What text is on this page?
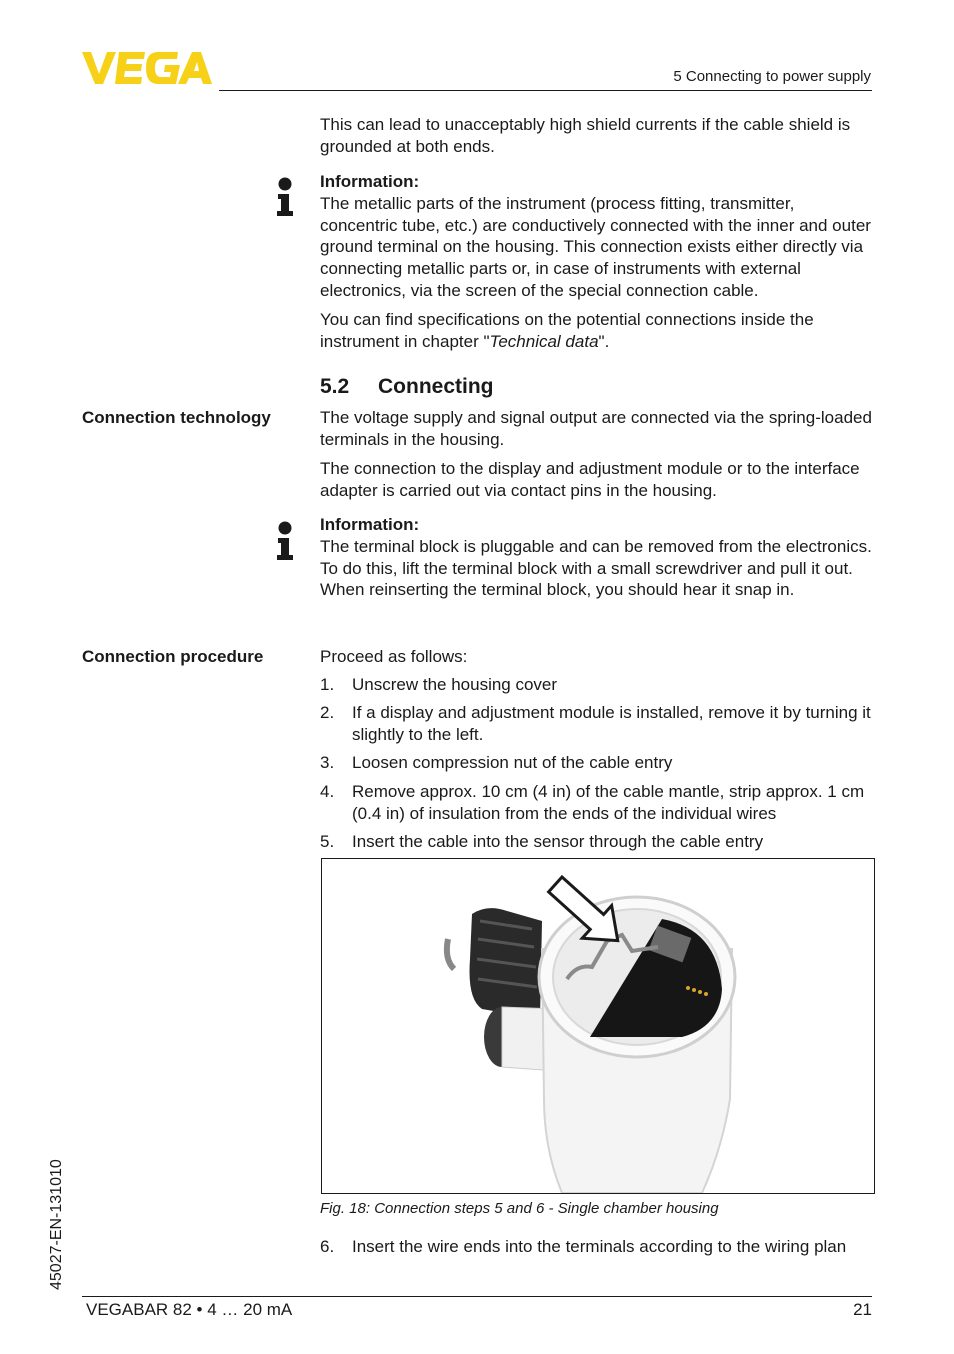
5 Connecting to power supply
This can lead to unacceptably high shield currents if the cable shield is grounded at both ends.
Information:
The metallic parts of the instrument (process fitting, transmitter, concentric tube, etc.) are conductively connected with the inner and outer ground terminal on the housing. This connection exists either directly via connecting metallic parts or, in case of instruments with external electronics, via the screen of the special connection cable.
You can find specifications on the potential connections inside the instrument in chapter "Technical data".
5.2 Connecting
Connection technology	The voltage supply and signal output are connected via the spring-loaded terminals in the housing.
The connection to the display and adjustment module or to the interface adapter is carried out via contact pins in the housing.
Information:
The terminal block is pluggable and can be removed from the electronics. To do this, lift the terminal block with a small screwdriver and pull it out. When reinserting the terminal block, you should hear it snap in.
Connection procedure	Proceed as follows:
1. Unscrew the housing cover
2. If a display and adjustment module is installed, remove it by turning it slightly to the left.
3. Loosen compression nut of the cable entry
4. Remove approx. 10 cm (4 in) of the cable mantle, strip approx. 1 cm (0.4 in) of insulation from the ends of the individual wires
5. Insert the cable into the sensor through the cable entry
Fig. 18: Connection steps 5 and 6 - Single chamber housing
6. Insert the wire ends into the terminals according to the wiring plan
45027-EN-131010
VEGABAR 82 • 4 … 20 mA	21
